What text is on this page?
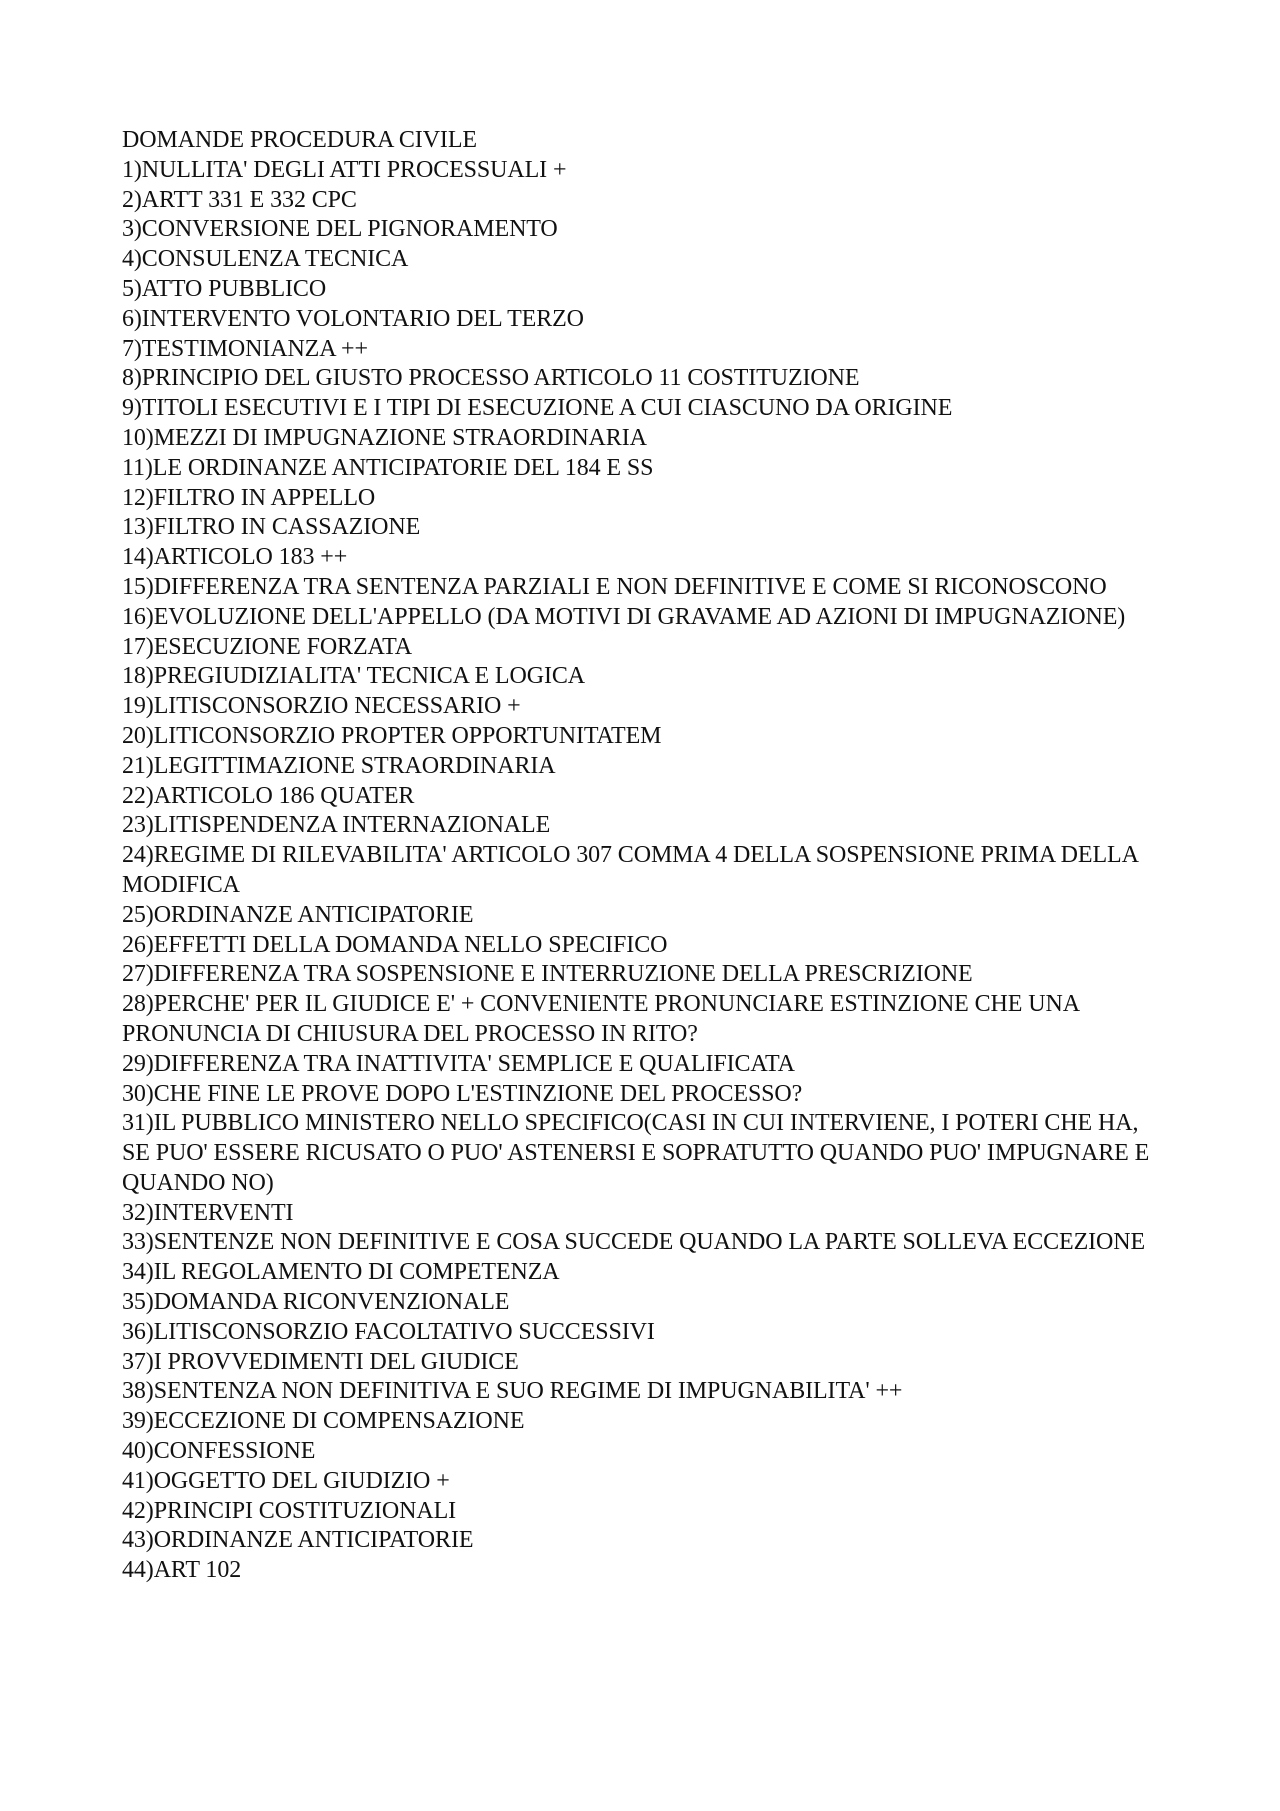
DOMANDE PROCEDURA CIVILE

1)NULLITA' DEGLI ATTI PROCESSUALI +

2)ARTT 331 E 332 CPC

3)CONVERSIONE DEL PIGNORAMENTO

4)CONSULENZA TECNICA

5)ATTO PUBBLICO

6)INTERVENTO VOLONTARIO DEL TERZO

7)TESTIMONIANZA ++

8)PRINCIPIO DEL GIUSTO PROCESSO ARTICOLO 11 COSTITUZIONE

9)TITOLI ESECUTIVI E I TIPI DI ESECUZIONE A CUI CIASCUNO DA ORIGINE

10)MEZZI DI IMPUGNAZIONE STRAORDINARIA

11)LE ORDINANZE ANTICIPATORIE DEL 184 E SS

12)FILTRO IN APPELLO

13)FILTRO IN CASSAZIONE

14)ARTICOLO 183 ++

15)DIFFERENZA TRA SENTENZA PARZIALI E NON DEFINITIVE E COME SI RICONOSCONO

16)EVOLUZIONE DELL'APPELLO (DA MOTIVI DI GRAVAME AD AZIONI DI IMPUGNAZIONE)

17)ESECUZIONE FORZATA

18)PREGIUDIZIALITA' TECNICA E LOGICA

19)LITISCONSORZIO NECESSARIO +

20)LITICONSORZIO PROPTER OPPORTUNITATEM

21)LEGITTIMAZIONE STRAORDINARIA

22)ARTICOLO 186 QUATER

23)LITISPENDENZA INTERNAZIONALE

24)REGIME DI RILEVABILITA' ARTICOLO 307 COMMA 4 DELLA SOSPENSIONE PRIMA DELLA MODIFICA

25)ORDINANZE ANTICIPATORIE

26)EFFETTI DELLA DOMANDA NELLO SPECIFICO

27)DIFFERENZA TRA SOSPENSIONE E INTERRUZIONE DELLA PRESCRIZIONE

28)PERCHE' PER IL GIUDICE E' + CONVENIENTE PRONUNCIARE ESTINZIONE CHE UNA PRONUNCIA DI CHIUSURA DEL PROCESSO IN RITO?

29)DIFFERENZA TRA INATTIVITA' SEMPLICE E QUALIFICATA

30)CHE FINE LE PROVE DOPO L'ESTINZIONE DEL PROCESSO?

31)IL PUBBLICO MINISTERO NELLO SPECIFICO(CASI IN CUI INTERVIENE, I POTERI CHE HA, SE PUO' ESSERE RICUSATO O PUO' ASTENERSI E SOPRATUTTO QUANDO PUO' IMPUGNARE E QUANDO NO)

32)INTERVENTI

33)SENTENZE NON DEFINITIVE E COSA SUCCEDE QUANDO LA PARTE SOLLEVA ECCEZIONE

34)IL REGOLAMENTO DI COMPETENZA

35)DOMANDA RICONVENZIONALE

36)LITISCONSORZIO FACOLTATIVO SUCCESSIVI

37)I PROVVEDIMENTI DEL GIUDICE

38)SENTENZA NON DEFINITIVA E SUO REGIME DI IMPUGNABILITA' ++

39)ECCEZIONE DI COMPENSAZIONE

40)CONFESSIONE

41)OGGETTO DEL GIUDIZIO +

42)PRINCIPI COSTITUZIONALI

43)ORDINANZE ANTICIPATORIE

44)ART 102
